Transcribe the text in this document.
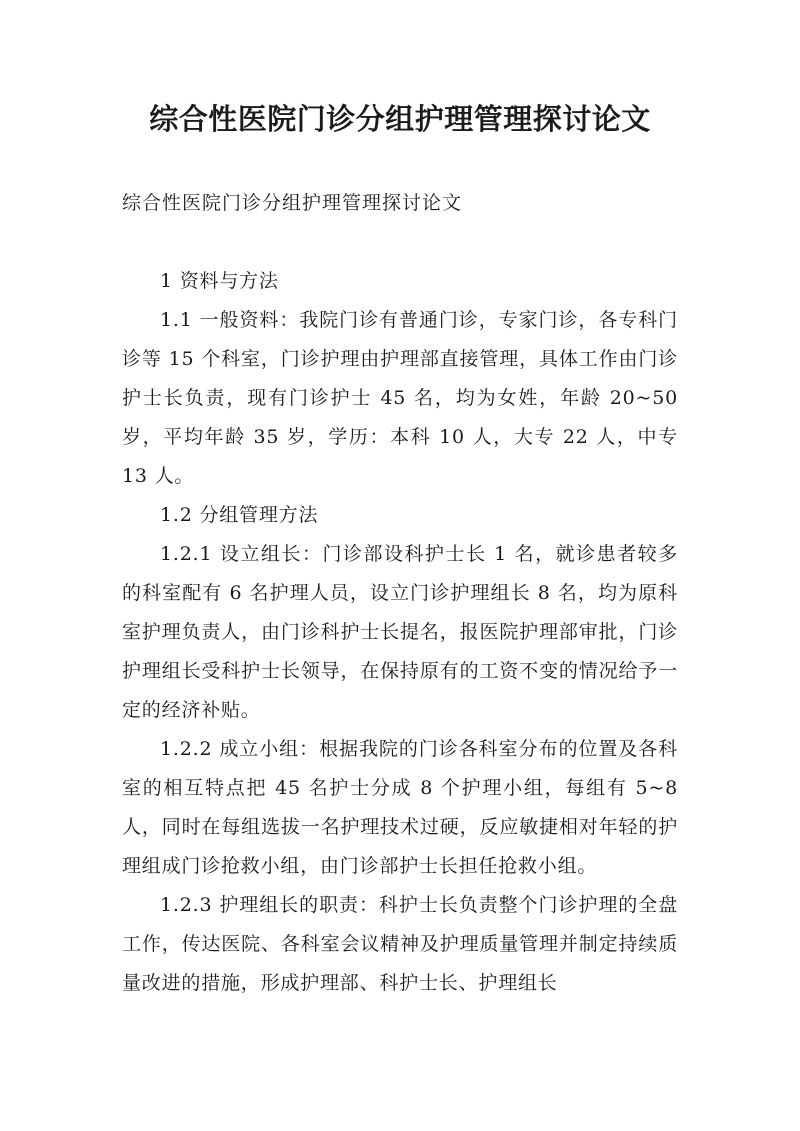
综合性医院门诊分组护理管理探讨论文

综合性医院门诊分组护理管理探讨论文

1 资料与方法

1.1 一般资料：我院门诊有普通门诊，专家门诊，各专科门诊等 15 个科室，门诊护理由护理部直接管理，具体工作由门诊护士长负责，现有门诊护士 45 名，均为女姓，年龄 20~50 岁，平均年龄 35 岁，学历：本科 10 人，大专 22 人，中专 13 人。

1.2 分组管理方法

1.2.1 设立组长：门诊部设科护士长 1 名，就诊患者较多的科室配有 6 名护理人员，设立门诊护理组长 8 名，均为原科室护理负责人，由门诊科护士长提名，报医院护理部审批，门诊护理组长受科护士长领导，在保持原有的工资不变的情况给予一定的经济补贴。

1.2.2 成立小组：根据我院的门诊各科室分布的位置及各科室的相互特点把 45 名护士分成 8 个护理小组，每组有 5~8 人，同时在每组选拔一名护理技术过硬，反应敏捷相对年轻的护理组成门诊抢救小组，由门诊部护士长担任抢救小组。

1.2.3 护理组长的职责：科护士长负责整个门诊护理的全盘工作，传达医院、各科室会议精神及护理质量管理并制定持续质量改进的措施，形成护理部、科护士长、护理组长
